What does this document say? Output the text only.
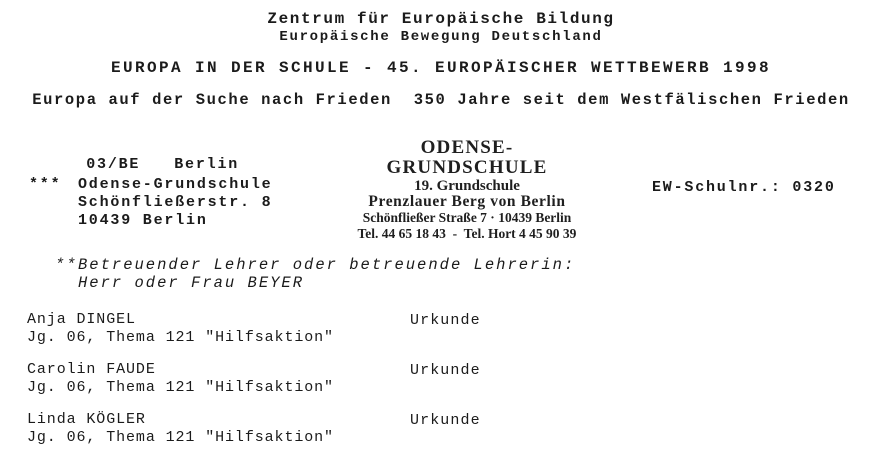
Zentrum für Europäische Bildung
Europäische Bewegung Deutschland
EUROPA IN DER SCHULE - 45. EUROPÄISCHER WETTBEWERB 1998
Europa auf der Suche nach Frieden  350 Jahre seit dem Westfälischen Frieden

03/BE Berlin

*** Odense-Grundschule
Schönfließerstr. 8
10439 Berlin
ODENSE-GRUNDSCHULE
19. Grundschule
Prenzlauer Berg von Berlin
Schönfließer Straße 7 · 10439 Berlin
Tel. 44 65 18 43  -  Tel. Hort 4 45 90 39
EW-Schulnr.: 0320
** Betreuender Lehrer oder betreuende Lehrerin:
Herr oder Frau BEYER
Anja DINGEL	Urkunde
Jg. 06, Thema 121 "Hilfsaktion"
Carolin FAUDE	Urkunde
Jg. 06, Thema 121 "Hilfsaktion"
Linda KÖGLER	Urkunde
Jg. 06, Thema 121 "Hilfsaktion"
